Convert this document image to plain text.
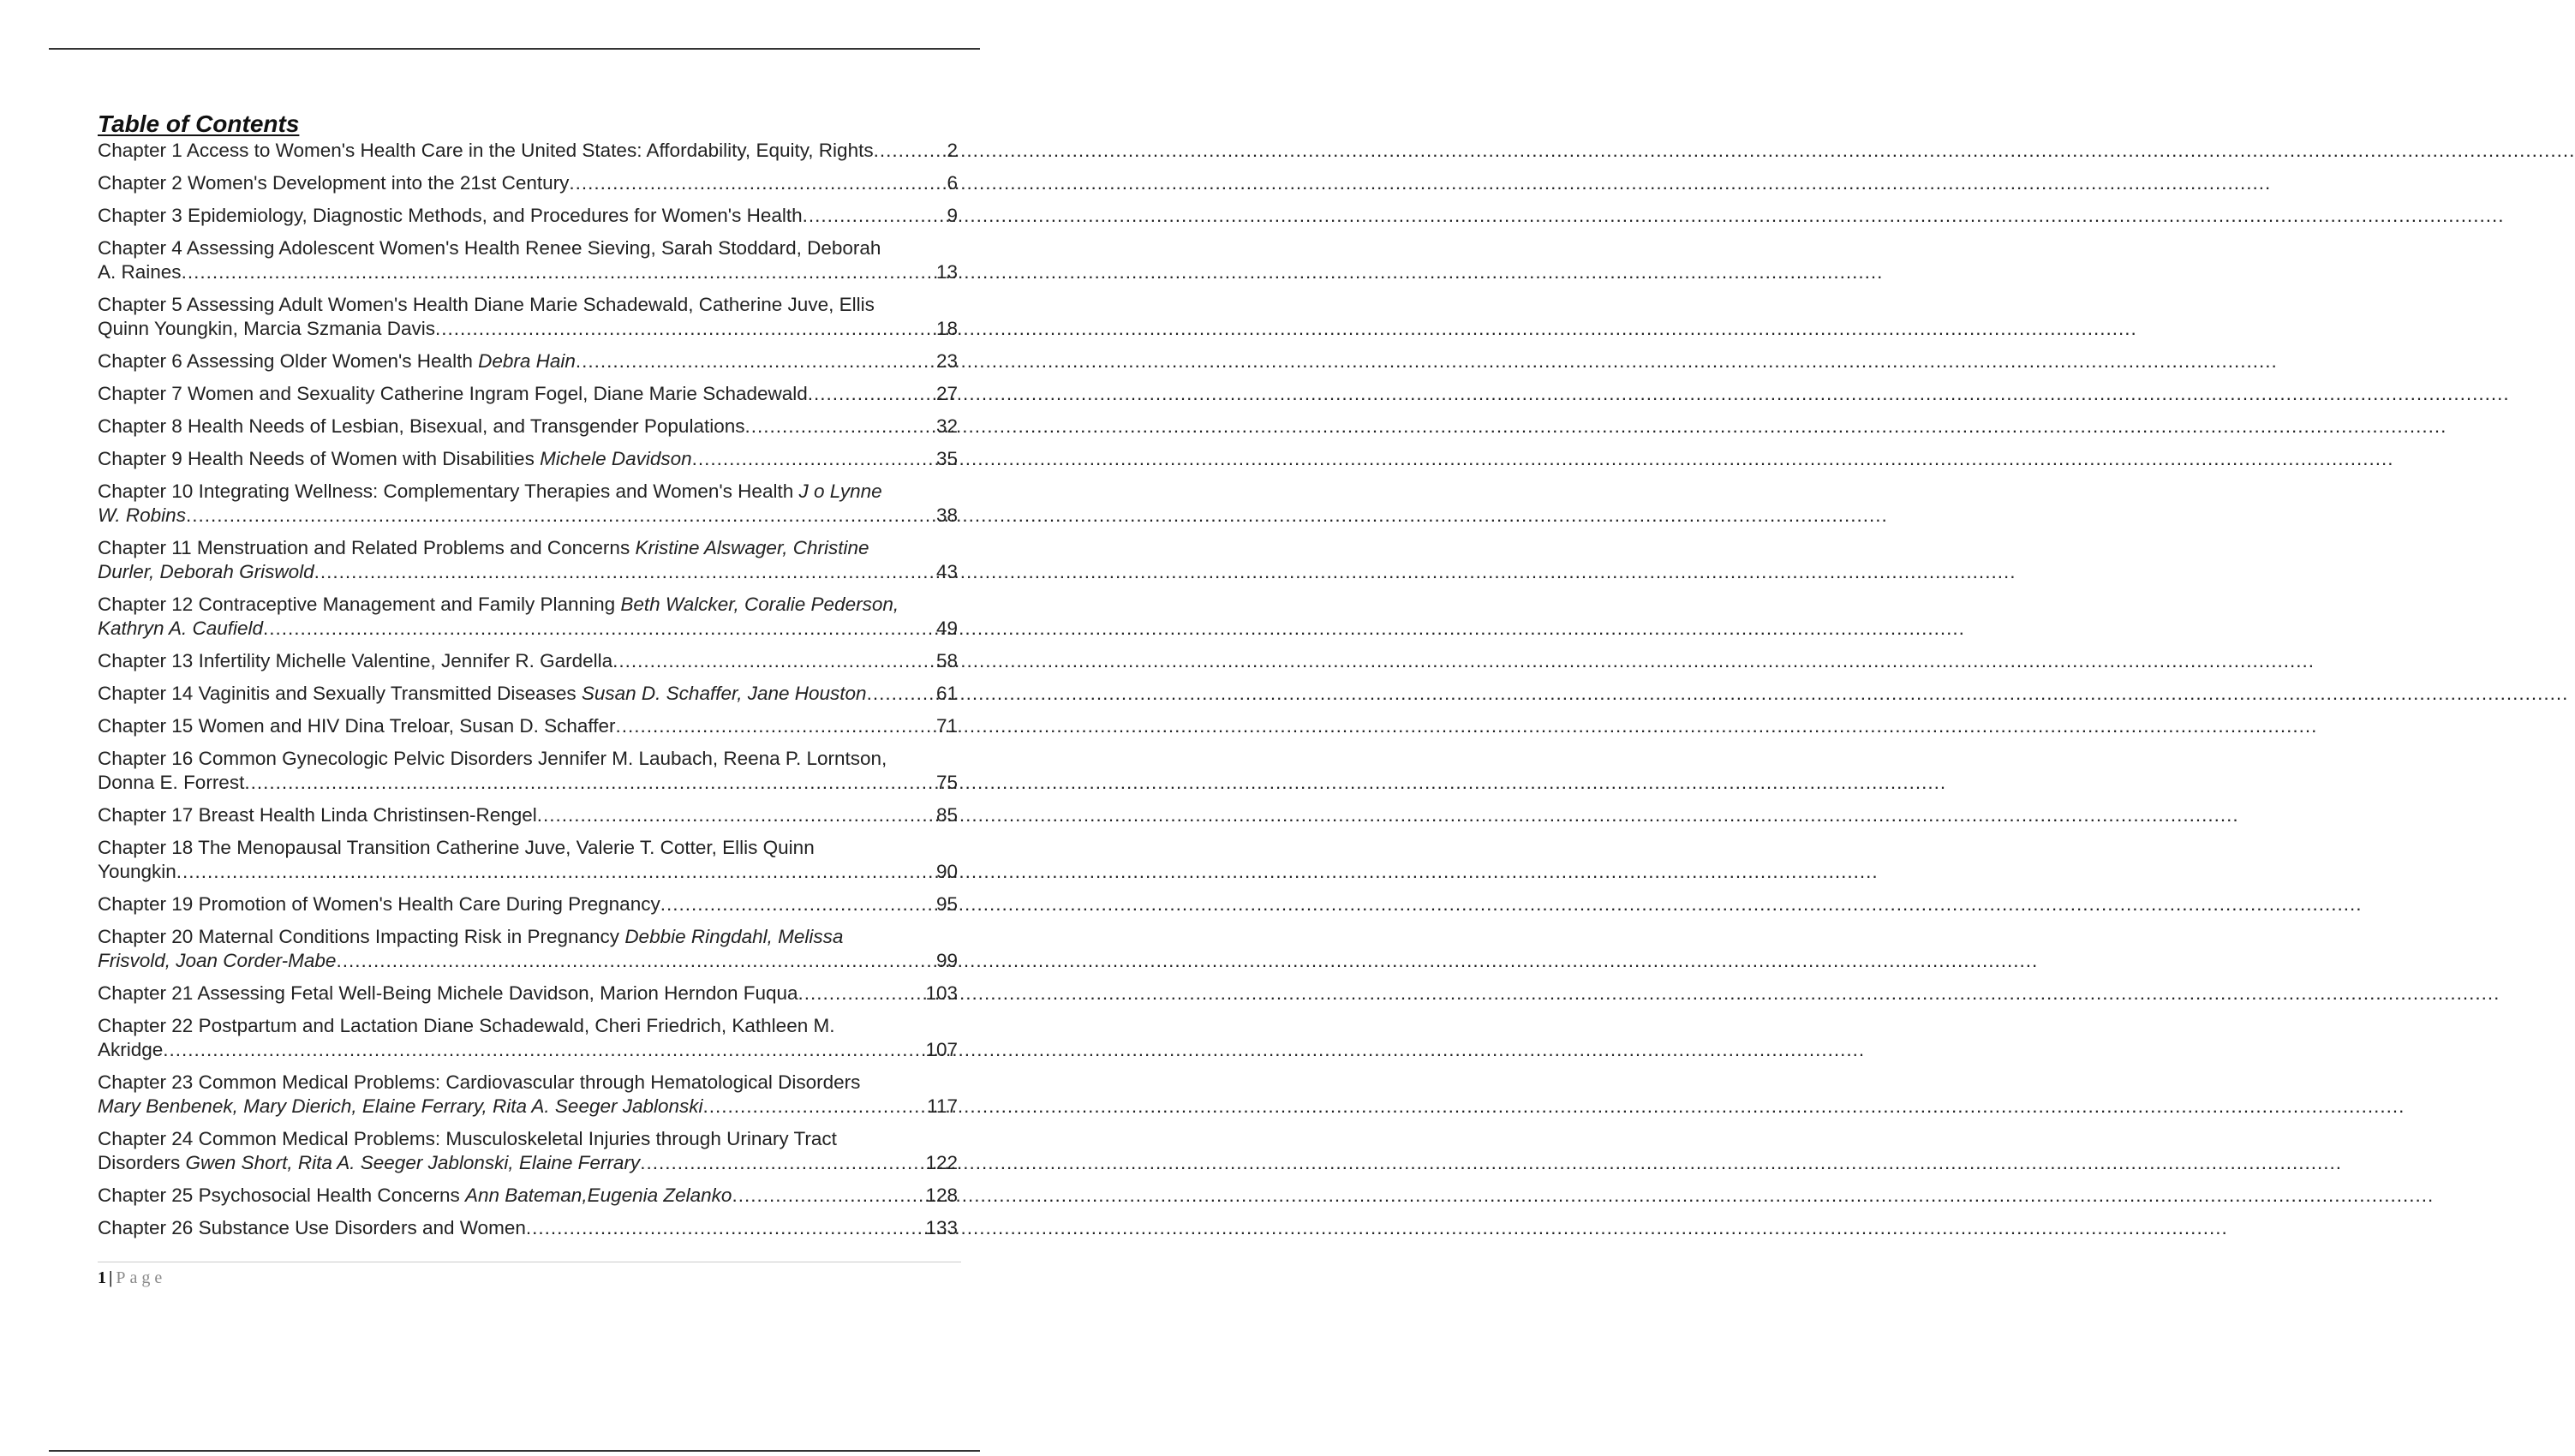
Table of Contents
Chapter 1 Access to Women's Health Care in the United States: Affordability, Equity, Rights .....	2
Chapter 2 Women's Development into the 21st Century .....	6
Chapter 3 Epidemiology, Diagnostic Methods, and Procedures for Women's Health .....	9
Chapter 4 Assessing Adolescent Women's Health Renee Sieving, Sarah Stoddard, Deborah
A. Raines .....	13
Chapter 5 Assessing Adult Women's Health Diane Marie Schadewald, Catherine Juve, Ellis
Quinn Youngkin, Marcia Szmania Davis .....	18
Chapter 6 Assessing Older Women's Health Debra Hain .....	23
Chapter 7 Women and Sexuality Catherine Ingram Fogel, Diane Marie Schadewald .....	27
Chapter 8 Health Needs of Lesbian, Bisexual, and Transgender Populations .....	32
Chapter 9 Health Needs of Women with Disabilities Michele Davidson .....	35
Chapter 10 Integrating Wellness: Complementary Therapies and Women's Health J o Lynne
W. Robins .....	38
Chapter 11 Menstruation and Related Problems and Concerns Kristine Alswager, Christine
Durler, Deborah Griswold .....	43
Chapter 12 Contraceptive Management and Family Planning Beth Walcker, Coralie Pederson,
Kathryn A. Caufield .....	49
Chapter 13 Infertility Michelle Valentine, Jennifer R. Gardella .....	58
Chapter 14 Vaginitis and Sexually Transmitted Diseases Susan D. Schaffer, Jane Houston .....	61
Chapter 15 Women and HIV Dina Treloar, Susan D. Schaffer .....	71
Chapter 16 Common Gynecologic Pelvic Disorders Jennifer M. Laubach, Reena P. Lorntson,
Donna E. Forrest .....	75
Chapter 17 Breast Health Linda Christinsen-Rengel .....	85
Chapter 18 The Menopausal Transition Catherine Juve, Valerie T. Cotter, Ellis Quinn
Youngkin .....	90
Chapter 19 Promotion of Women's Health Care During Pregnancy .....	95
Chapter 20 Maternal Conditions Impacting Risk in Pregnancy Debbie Ringdahl, Melissa
Frisvold, Joan Corder-Mabe .....	99
Chapter 21 Assessing Fetal Well-Being Michele Davidson, Marion Herndon Fuqua .....	103
Chapter 22 Postpartum and Lactation Diane Schadewald, Cheri Friedrich, Kathleen M.
Akridge .....	107
Chapter 23 Common Medical Problems: Cardiovascular through Hematological Disorders
Mary Benbenek, Mary Dierich, Elaine Ferrary, Rita A. Seeger Jablonski .....	117
Chapter 24 Common Medical Problems: Musculoskeletal Injuries through Urinary Tract
Disorders Gwen Short, Rita A. Seeger Jablonski, Elaine Ferrary .....	122
Chapter 25 Psychosocial Health Concerns Ann Bateman,Eugenia Zelanko .....	128
Chapter 26 Substance Use Disorders and Women .....	133
1 | Page
